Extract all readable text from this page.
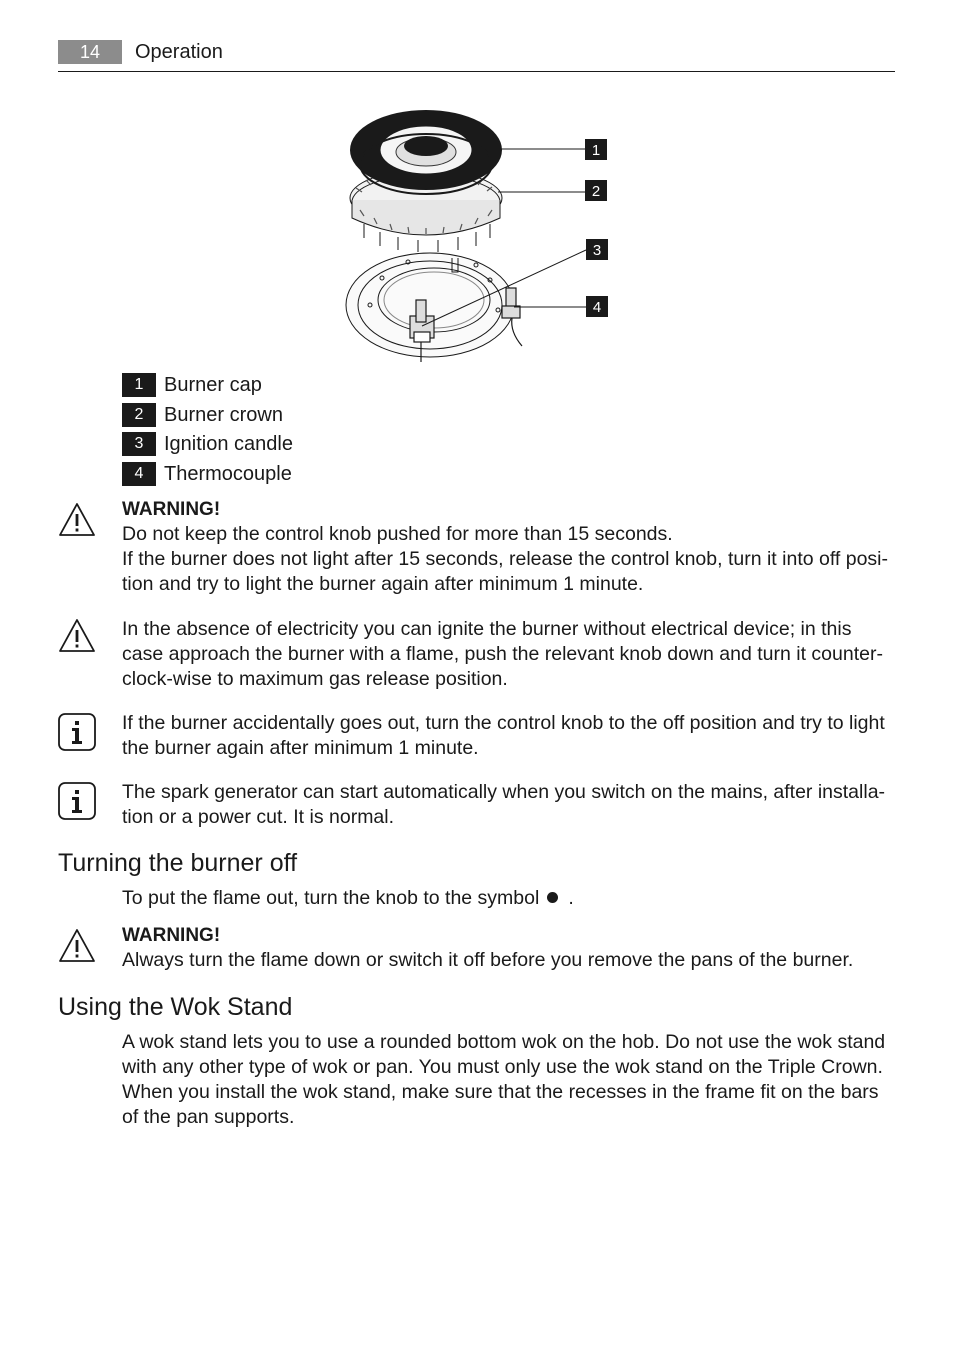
14	Operation
1
2
3
4
1	Burner cap
2	Burner crown
3	Ignition candle
4	Thermocouple
WARNING!
Do not keep the control knob pushed for more than 15 seconds.
If the burner does not light after 15 seconds, release the control knob, turn it into off posi-tion and try to light the burner again after minimum 1 minute.
In the absence of electricity you can ignite the burner without electrical device; in this case approach the burner with a flame, push the relevant knob down and turn it counter-clock-wise to maximum gas release position.
If the burner accidentally goes out, turn the control knob to the off position and try to light the burner again after minimum 1 minute.
The spark generator can start automatically when you switch on the mains, after installa-tion or a power cut. It is normal.
Turning the burner off
To put the flame out, turn the knob to the symbol .
WARNING!
Always turn the flame down or switch it off before you remove the pans of the burner.
Using the Wok Stand
A wok stand lets you to use a rounded bottom wok on the hob. Do not use the wok stand with any other type of wok or pan. You must only use the wok stand on the Triple Crown. When you install the wok stand, make sure that the recesses in the frame fit on the bars of the pan supports.
